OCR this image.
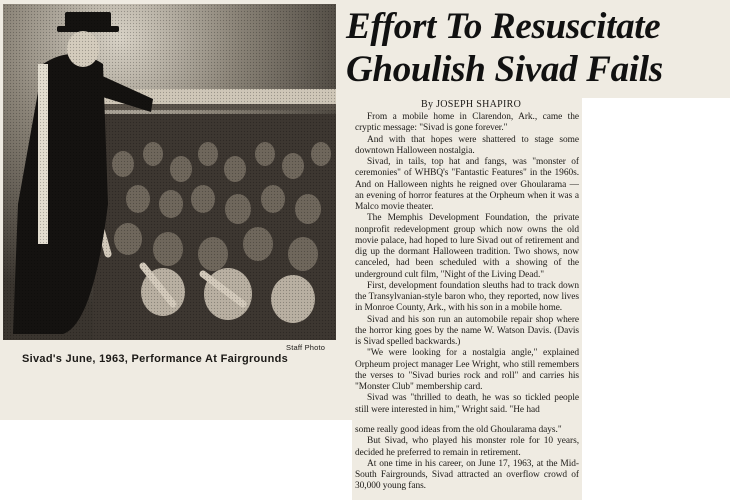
Staff Photo
Sivad's June, 1963, Performance At Fairgrounds
Effort To Resuscitate
Ghoulish Sivad Fails
By JOSEPH SHAPIRO

From a mobile home in Clarendon, Ark., came the cryptic message: "Sivad is gone forever."

And with that hopes were shattered to stage some downtown Halloween nostalgia.

Sivad, in tails, top hat and fangs, was "monster of ceremonies" of WHBQ's "Fantastic Features" in the 1960s. And on Halloween nights he reigned over Ghoularama — an evening of horror features at the Orpheum when it was a Malco movie theater.

The Memphis Development Foundation, the private nonprofit redevelopment group which now owns the old movie palace, had hoped to lure Sivad out of retirement and dig up the dormant Halloween tradition. Two shows, now canceled, had been scheduled with a showing of the underground cult film, "Night of the Living Dead."

First, development foundation sleuths had to track down the Transylvanian-style baron who, they reported, now lives in Monroe County, Ark., with his son in a mobile home.

Sivad and his son run an automobile repair shop where the horror king goes by the name W. Watson Davis. (Davis is Sivad spelled backwards.)

"We were looking for a nostalgia angle," explained Orpheum project manager Lee Wright, who still remembers the verses to "Sivad buries rock and roll" and carries his "Monster Club" membership card.

Sivad was "thrilled to death, he was so tickled people still were interested in him," Wright said. "He had

some really good ideas from the old Ghoularama days."

But Sivad, who played his monster role for 10 years, decided he preferred to remain in retirement.

At one time in his career, on June 17, 1963, at the Mid-South Fairgrounds, Sivad attracted an overflow crowd of 30,000 young fans.
